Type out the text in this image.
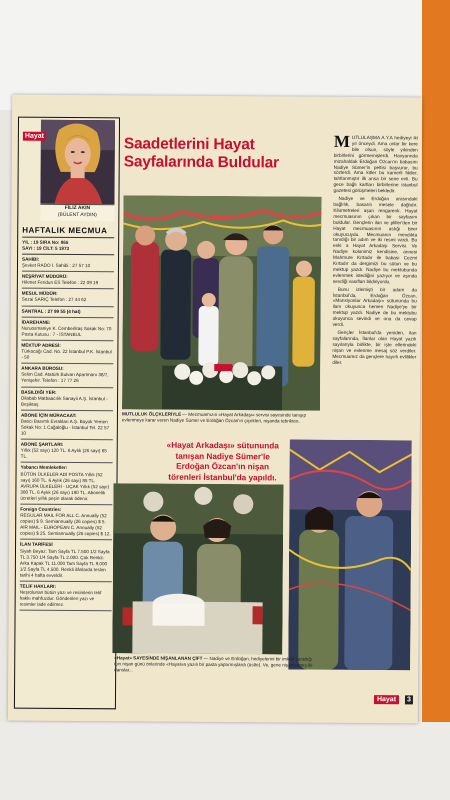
Hayat
FİLİZ AKIN
(BÜLENT AYDIN)
HAFTALIK MECMUA
YIL : 19 SIRA No: 865
SAYI : 19 CİLT: 5 1973
SAHİBİ:
Şevket RADO İ. Sahibi : 27 57 10
NEŞRİYAT MÜDÜRÜ:
Hikmet Feridun ES Telefon : 22 09 19
MESUL MÜDÜR:
Sezai SARIÇ Telefon : 27 44 62
SANTRAL : 27 99 55 (4 hat)
İDAREHANE:
Nuruosmaniye K. Cemberlitaş Sokak No: 70 Posta Kutusu : 7 - İSTANBUL
MEKTUP ADRESİ:
Türkocağı Cad. No. 22 İstanbul P.K. İstanbul - 50
ANKARA BÜROSU:
Selim Cad. Atatürk Bulvarı Apartmanı 38/7, Yenişehir. Telefon : 17 77 26
BASILDIĞI YER:
Dilabab Matbaacılık Sanayii A.Ş. İstanbul - Beşiktaş
ABONE İÇİN MÜRACAAT:
Batıcı Basımlı Evrakları A.Ş. Büyük Yemen Sokak No: 1 Cağaloğlu - İstanbul Tel. 22 57 10
ABONE ŞARTLARI:
Yıllık (52 sayı) 120 TL. 6 Aylık (26 sayı) 65 TL.
Yabancı Memleketler:
BÜTÜN ÜLKELER ADİ POSTA Yıllık (52 sayı) 160 TL. 6 Aylık (26 sayı) 85 TL. AVRUPA ÜLKELERİ - UÇAK Yıllık (52 sayı) 380 TL. 6 Aylık (26 sayı) 190 TL. Abonelik ücretleri yıllık peşin olarak ödenir.
Foreign Countries:
REGULAR MAIL FOR ALL C. Annually (52 copies) $ 9. Semiannually (26 copies) $ 5. AIR MAIL - EUROPEAN C. Annually (52 copies) $ 25. Semiannually (26 copies) $ 12.
İLAN TARİFESİ
Siyah Beyaz: Tam Sayfa TL 7.500 1/2 Sayfa TL 3.750 1/4 Sayfa TL 2.000. Çok Renkli: Arka Kapak TL 11.000 Tam Sayfa TL 9.000 1/2 Sayfa TL 4.500. Renkli ilânlarda teslim tarihi 4 hafta evveldir.
TELİF HAKLARI:
Neşrolunan bütün yazı ve resimlerin telif hakkı mahfuzdur. Gönderilen yazı ve resimler iade edilmez.
Saadetlerini Hayat
Sayfalarında Buldular

MUTLULUK ÖLÇKLERİYLE — Mecmuamızın «Hayat Arkadaşı» servisi sayesinde tanışıp evlenmeye karar veren Nadiye Sümer ve Erdoğan Özcan'ın çiçekleri, nişanda tebrikten.

MUTLULAŞMA A.Y.A hediyeyi iki yıl önceydi. Ama onlar bir kere bile olsun, söyle yıkinden birbirlerini görmemişlerdi. Havyarında mizahaldak Erdoğan Özcan'ın babasını Nadiye Sümer'in peltisi başvurur, bu sözlerdi. Ama kitler bu kamerli fıkiler, tahtlanmıştır ilk ansa bir sene evli. Bu gece bağlı kartları birbirlerine istanbul gazetesi görüşmeleri bekledir.

Nadiye ve Erdoğan arasındaki bağlılık, basarılı mesele dağlıdır. Kilometreleri aşan rengarenk. Hayat mecmuasının çıkan bir sayfasını buldular. Gençlerin ilan ve pliller'den bir Hayat mecmuasının astığı birer okuyucuydu. Mecmuanın mevdıkta tanıdığı bir adım ve iki resmi vardı. Bu eski a Hayat Arkadaşı Servisi. Ve Nadiye kolonimiz kendisine, annesi Mahmure Kırtadır ile babası Cezmi Kırtadır da dergimizi bu sütun ve bu mektup yazdı. Nadiye bu mektubunda evlenmek istediğini yazıyor ve aşında sevdiği vasıfları bildiriyordu.

Bunu izlemişti bir adam da İstanbul'da, Erdoğan Özcan, «Mansiyonlar Arkadaşı» sütununda bu ilanı okuyunca hemen Nadiye'ye bir mektup yazdı. Nadiye de bu mektubu okuyunca sevindi ve ona da cevap verdi.

Gençler İstanbul'da yeniden, ilan sayfalarında, İlanlar olan Hayat yazılı sayılarıyla birlikte, bir işte ellerindeki nişan ve evlenme mesaj söz verdiler. Mecmuamız da gençlere hayırlı evlilikler diler.

«Hayat Arkadaşı» sütununda tanışan Nadiye Sümer'le Erdoğan Özcan'ın nişan törenleri İstanbul'da yapıldı.

«Hayat» SAYESİNDE NİŞANLANAN ÇİFT — Nadiye ve Erdoğan, hediyelerini bir imkân yarattığı için nişan günü önlerinde «Hayat»a yazılı bir pasta yaptırmışlardı (üstte). Ve, gene nişanlanmış iki danslar...

Hayat	3
